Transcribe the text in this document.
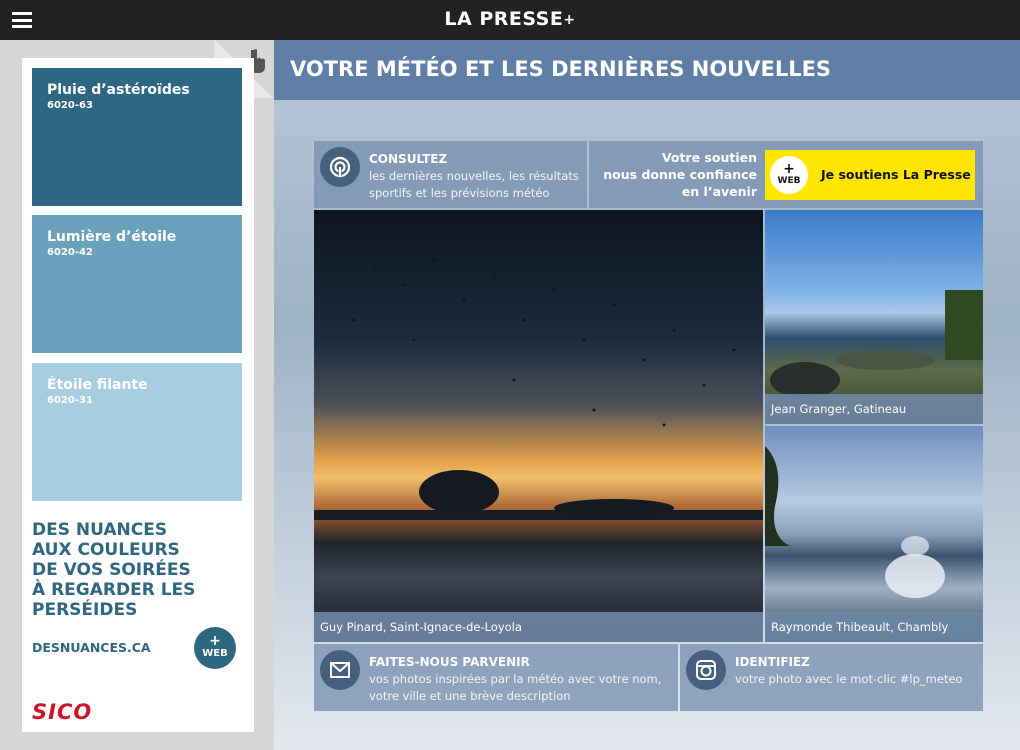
LA PRESSE+
Pluie d’astéroïdes
6020-63
Lumière d’étoile
6020-42
Étoile filante
6020-31
DES NUANCES
AUX COULEURS
DE VOS SOIRÉES
À REGARDER LES
PERSÉIDES
DESNUANCES.CA	+
WEB
SICO
VOTRE MÉTÉO ET LES DERNIÈRES NOUVELLES
CONSULTEZ
les dernières nouvelles, les résultats
sportifs et les prévisions météo
Votre soutien
nous donne confiance
en l’avenir
+
WEB	Je soutiens La Presse
Guy Pinard, Saint-Ignace-de-Loyola
Jean Granger, Gatineau
Raymonde Thibeault, Chambly
FAITES-NOUS PARVENIR
vos photos inspirées par la météo avec votre nom,
votre ville et une brève description
IDENTIFIEZ
votre photo avec le mot-clic #lp_meteo
